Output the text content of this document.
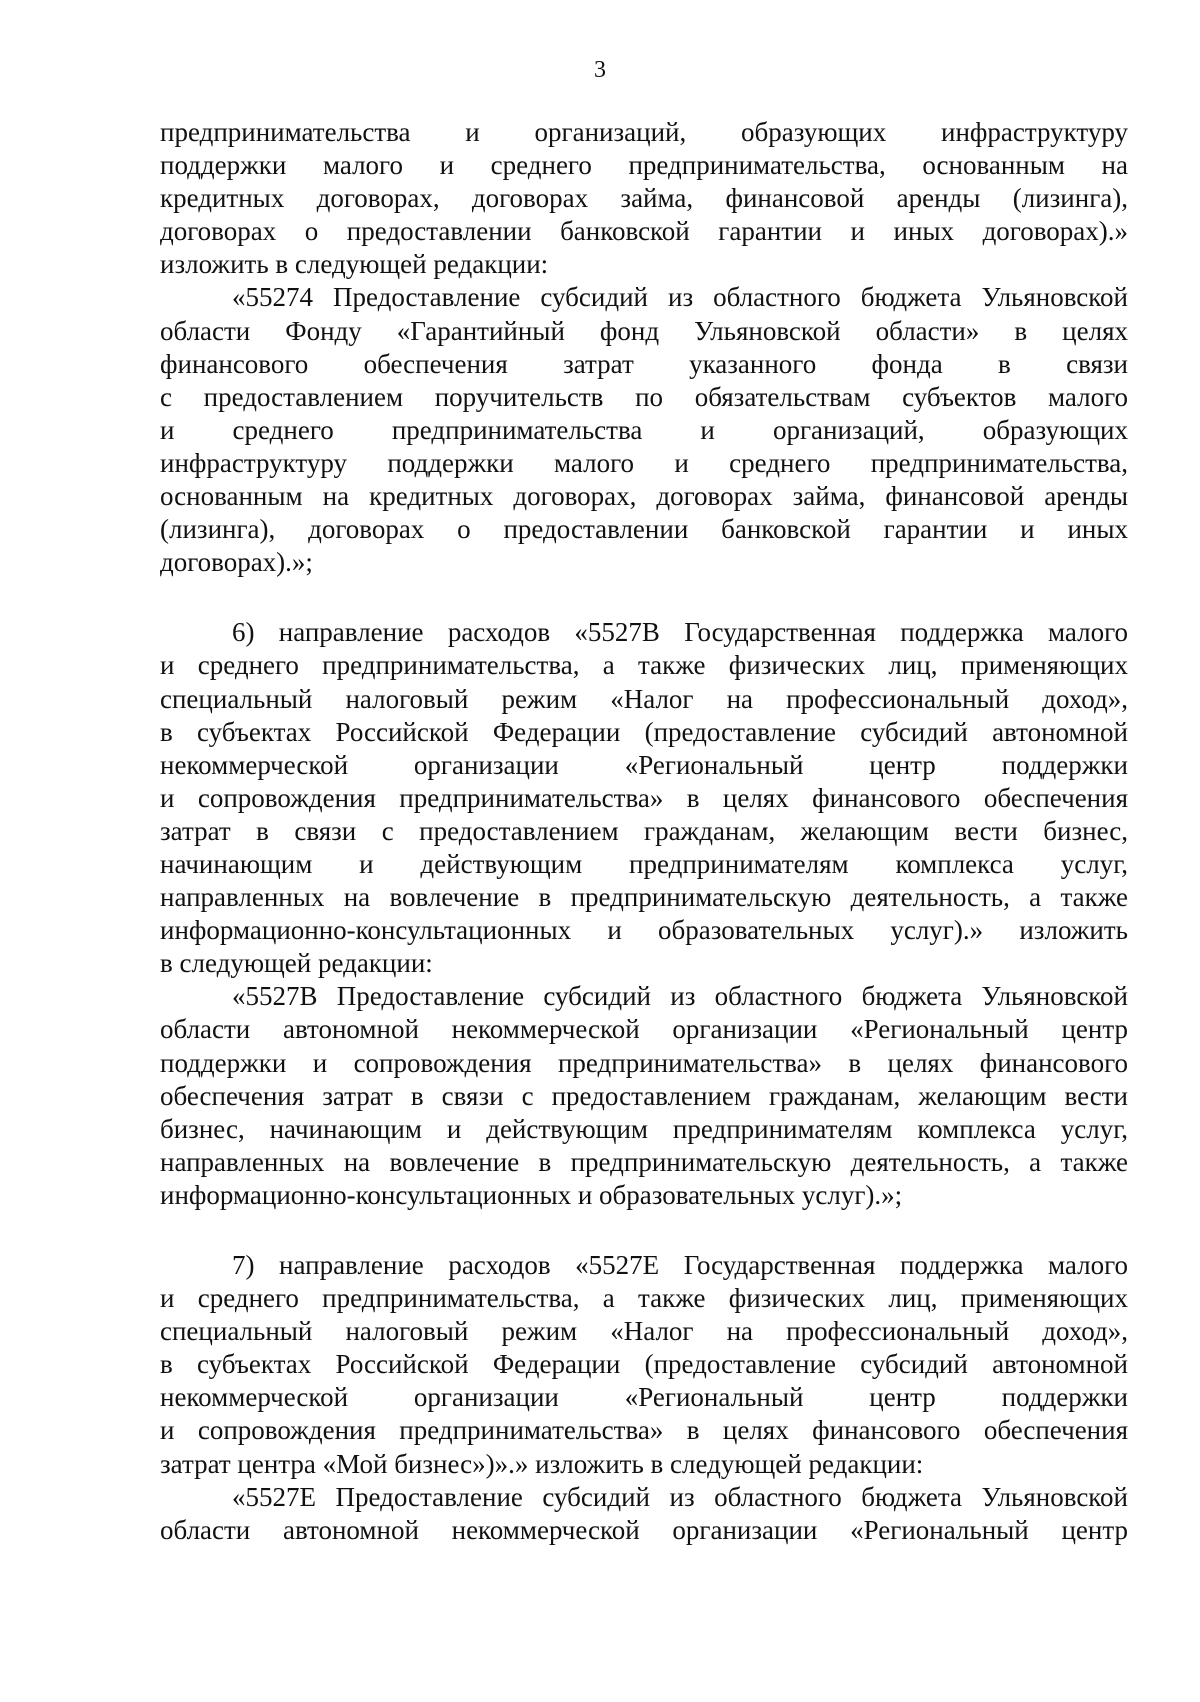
3
предпринимательства и организаций, образующих инфраструктуру
поддержки малого и среднего предпринимательства, основанным на
кредитных договорах, договорах займа, финансовой аренды (лизинга),
договорах о предоставлении банковской гарантии и иных договорах).»
изложить в следующей редакции:
«55274 Предоставление субсидий из областного бюджета Ульяновской
области Фонду «Гарантийный фонд Ульяновской области» в целях
финансового обеспечения затрат указанного фонда в связи
с предоставлением поручительств по обязательствам субъектов малого
и среднего предпринимательства и организаций, образующих
инфраструктуру поддержки малого и среднего предпринимательства,
основанным на кредитных договорах, договорах займа, финансовой аренды
(лизинга), договорах о предоставлении банковской гарантии и иных
договорах).»;
6) направление расходов «5527В Государственная поддержка малого
и среднего предпринимательства, а также физических лиц, применяющих
специальный налоговый режим «Налог на профессиональный доход»,
в субъектах Российской Федерации (предоставление субсидий автономной
некоммерческой организации «Региональный центр поддержки
и сопровождения предпринимательства» в целях финансового обеспечения
затрат в связи с предоставлением гражданам, желающим вести бизнес,
начинающим и действующим предпринимателям комплекса услуг,
направленных на вовлечение в предпринимательскую деятельность, а также
информационно-консультационных и образовательных услуг).» изложить
в следующей редакции:
«5527В Предоставление субсидий из областного бюджета Ульяновской
области автономной некоммерческой организации «Региональный центр
поддержки и сопровождения предпринимательства» в целях финансового
обеспечения затрат в связи с предоставлением гражданам, желающим вести
бизнес, начинающим и действующим предпринимателям комплекса услуг,
направленных на вовлечение в предпринимательскую деятельность, а также
информационно-консультационных и образовательных услуг).»;
7) направление расходов «5527Е Государственная поддержка малого
и среднего предпринимательства, а также физических лиц, применяющих
специальный налоговый режим «Налог на профессиональный доход»,
в субъектах Российской Федерации (предоставление субсидий автономной
некоммерческой организации «Региональный центр поддержки
и сопровождения предпринимательства» в целях финансового обеспечения
затрат центра «Мой бизнес»)».» изложить в следующей редакции:
«5527Е Предоставление субсидий из областного бюджета Ульяновской
области автономной некоммерческой организации «Региональный центр
